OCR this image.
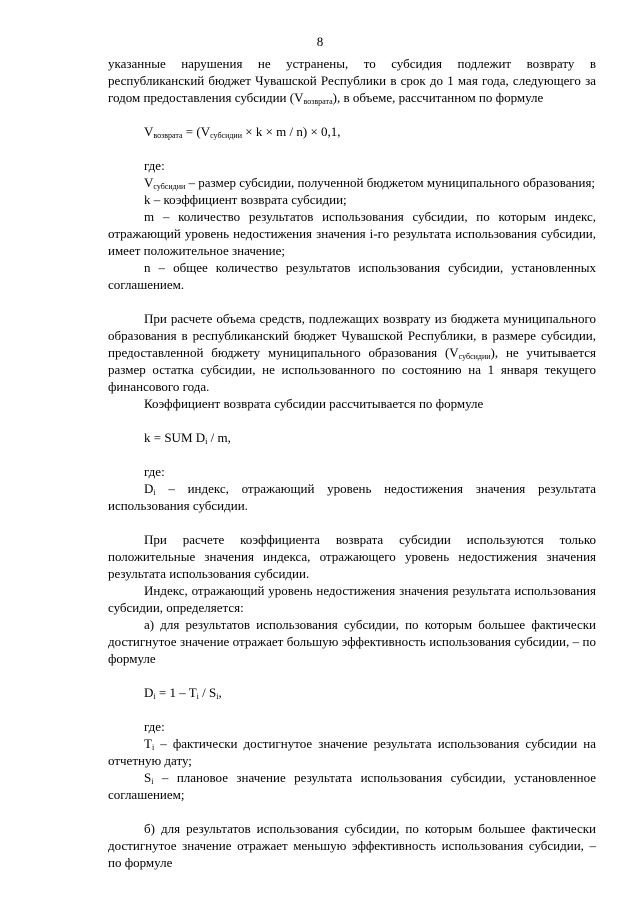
8

указанные нарушения не устранены, то субсидия подлежит возврату в республиканский бюджет Чувашской Республики в срок до 1 мая года, следующего за годом предоставления субсидии $(V_{возврата})$, в объеме, рассчитанном по формуле

$V_{возврата} = (V_{субсидии} \times k \times m / n) \times 0,1$,

где:

$V_{субсидии}$ – размер субсидии, полученной бюджетом муниципального образования;

k – коэффициент возврата субсидии;

m – количество результатов использования субсидии, по которым индекс, отражающий уровень недостижения значения i-го результата использования субсидии, имеет положительное значение;

n – общее количество результатов использования субсидии, установленных соглашением.

При расчете объема средств, подлежащих возврату из бюджета муниципального образования в республиканский бюджет Чувашской Республики, в размере субсидии, предоставленной бюджету муниципального образования $(V_{субсидии})$, не учитывается размер остатка субсидии, не использованного по состоянию на 1 января текущего финансового года.

Коэффициент возврата субсидии рассчитывается по формуле

k = SUM $D_i$ / m,

где:

$D_i$ – индекс, отражающий уровень недостижения значения результата использования субсидии.

При расчете коэффициента возврата субсидии используются только положительные значения индекса, отражающего уровень недостижения значения результата использования субсидии.

Индекс, отражающий уровень недостижения значения результата использования субсидии, определяется:

а) для результатов использования субсидии, по которым большее фактически достигнутое значение отражает большую эффективность использования субсидии, – по формуле

$D_i = 1 - T_i / S_i$,

где:

$T_i$ – фактически достигнутое значение результата использования субсидии на отчетную дату;

$S_i$ – плановое значение результата использования субсидии, установленное соглашением;

б) для результатов использования субсидии, по которым большее фактически достигнутое значение отражает меньшую эффективность использования субсидии, – по формуле
